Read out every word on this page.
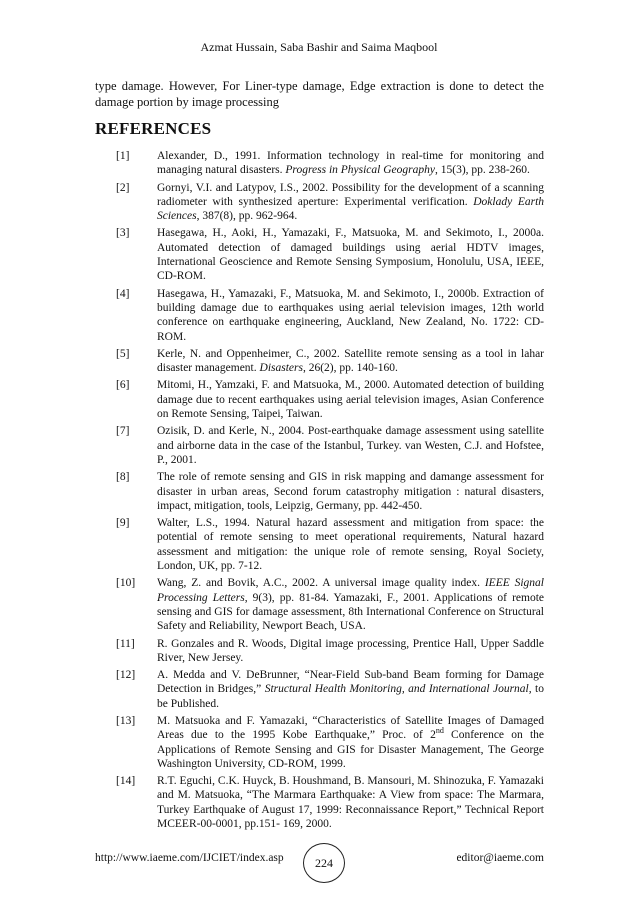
Azmat Hussain, Saba Bashir and Saima Maqbool
type damage. However, For Liner-type damage, Edge extraction is done to detect the damage portion by image processing
REFERENCES
[1]	Alexander, D., 1991. Information technology in real-time for monitoring and managing natural disasters. Progress in Physical Geography, 15(3), pp. 238-260.
[2]	Gornyi, V.I. and Latypov, I.S., 2002. Possibility for the development of a scanning radiometer with synthesized aperture: Experimental verification. Doklady Earth Sciences, 387(8), pp. 962-964.
[3]	Hasegawa, H., Aoki, H., Yamazaki, F., Matsuoka, M. and Sekimoto, I., 2000a. Automated detection of damaged buildings using aerial HDTV images, International Geoscience and Remote Sensing Symposium, Honolulu, USA, IEEE, CD-ROM.
[4]	Hasegawa, H., Yamazaki, F., Matsuoka, M. and Sekimoto, I., 2000b. Extraction of building damage due to earthquakes using aerial television images, 12th world conference on earthquake engineering, Auckland, New Zealand, No. 1722: CD-ROM.
[5]	Kerle, N. and Oppenheimer, C., 2002. Satellite remote sensing as a tool in lahar disaster management. Disasters, 26(2), pp. 140-160.
[6]	Mitomi, H., Yamzaki, F. and Matsuoka, M., 2000. Automated detection of building damage due to recent earthquakes using aerial television images, Asian Conference on Remote Sensing, Taipei, Taiwan.
[7]	Ozisik, D. and Kerle, N., 2004. Post-earthquake damage assessment using satellite and airborne data in the case of the Istanbul, Turkey. van Westen, C.J. and Hofstee, P., 2001.
[8]	The role of remote sensing and GIS in risk mapping and damange assessment for disaster in urban areas, Second forum catastrophy mitigation : natural disasters, impact, mitigation, tools, Leipzig, Germany, pp. 442-450.
[9]	Walter, L.S., 1994. Natural hazard assessment and mitigation from space: the potential of remote sensing to meet operational requirements, Natural hazard assessment and mitigation: the unique role of remote sensing, Royal Society, London, UK, pp. 7-12.
[10]	Wang, Z. and Bovik, A.C., 2002. A universal image quality index. IEEE Signal Processing Letters, 9(3), pp. 81-84. Yamazaki, F., 2001. Applications of remote sensing and GIS for damage assessment, 8th International Conference on Structural Safety and Reliability, Newport Beach, USA.
[11]	R. Gonzales and R. Woods, Digital image processing, Prentice Hall, Upper Saddle River, New Jersey.
[12]	A. Medda and V. DeBrunner, “Near-Field Sub-band Beam forming for Damage Detection in Bridges,” Structural Health Monitoring, and International Journal, to be Published.
[13]	M. Matsuoka and F. Yamazaki, “Characteristics of Satellite Images of Damaged Areas due to the 1995 Kobe Earthquake,” Proc. of 2nd Conference on the Applications of Remote Sensing and GIS for Disaster Management, The George Washington University, CD-ROM, 1999.
[14]	R.T. Eguchi, C.K. Huyck, B. Houshmand, B. Mansouri, M. Shinozuka, F. Yamazaki and M. Matsuoka, “The Marmara Earthquake: A View from space: The Marmara, Turkey Earthquake of August 17, 1999: Reconnaissance Report,” Technical Report MCEER-00-0001, pp.151- 169, 2000.
http://www.iaeme.com/IJCIET/index.asp	224	editor@iaeme.com
